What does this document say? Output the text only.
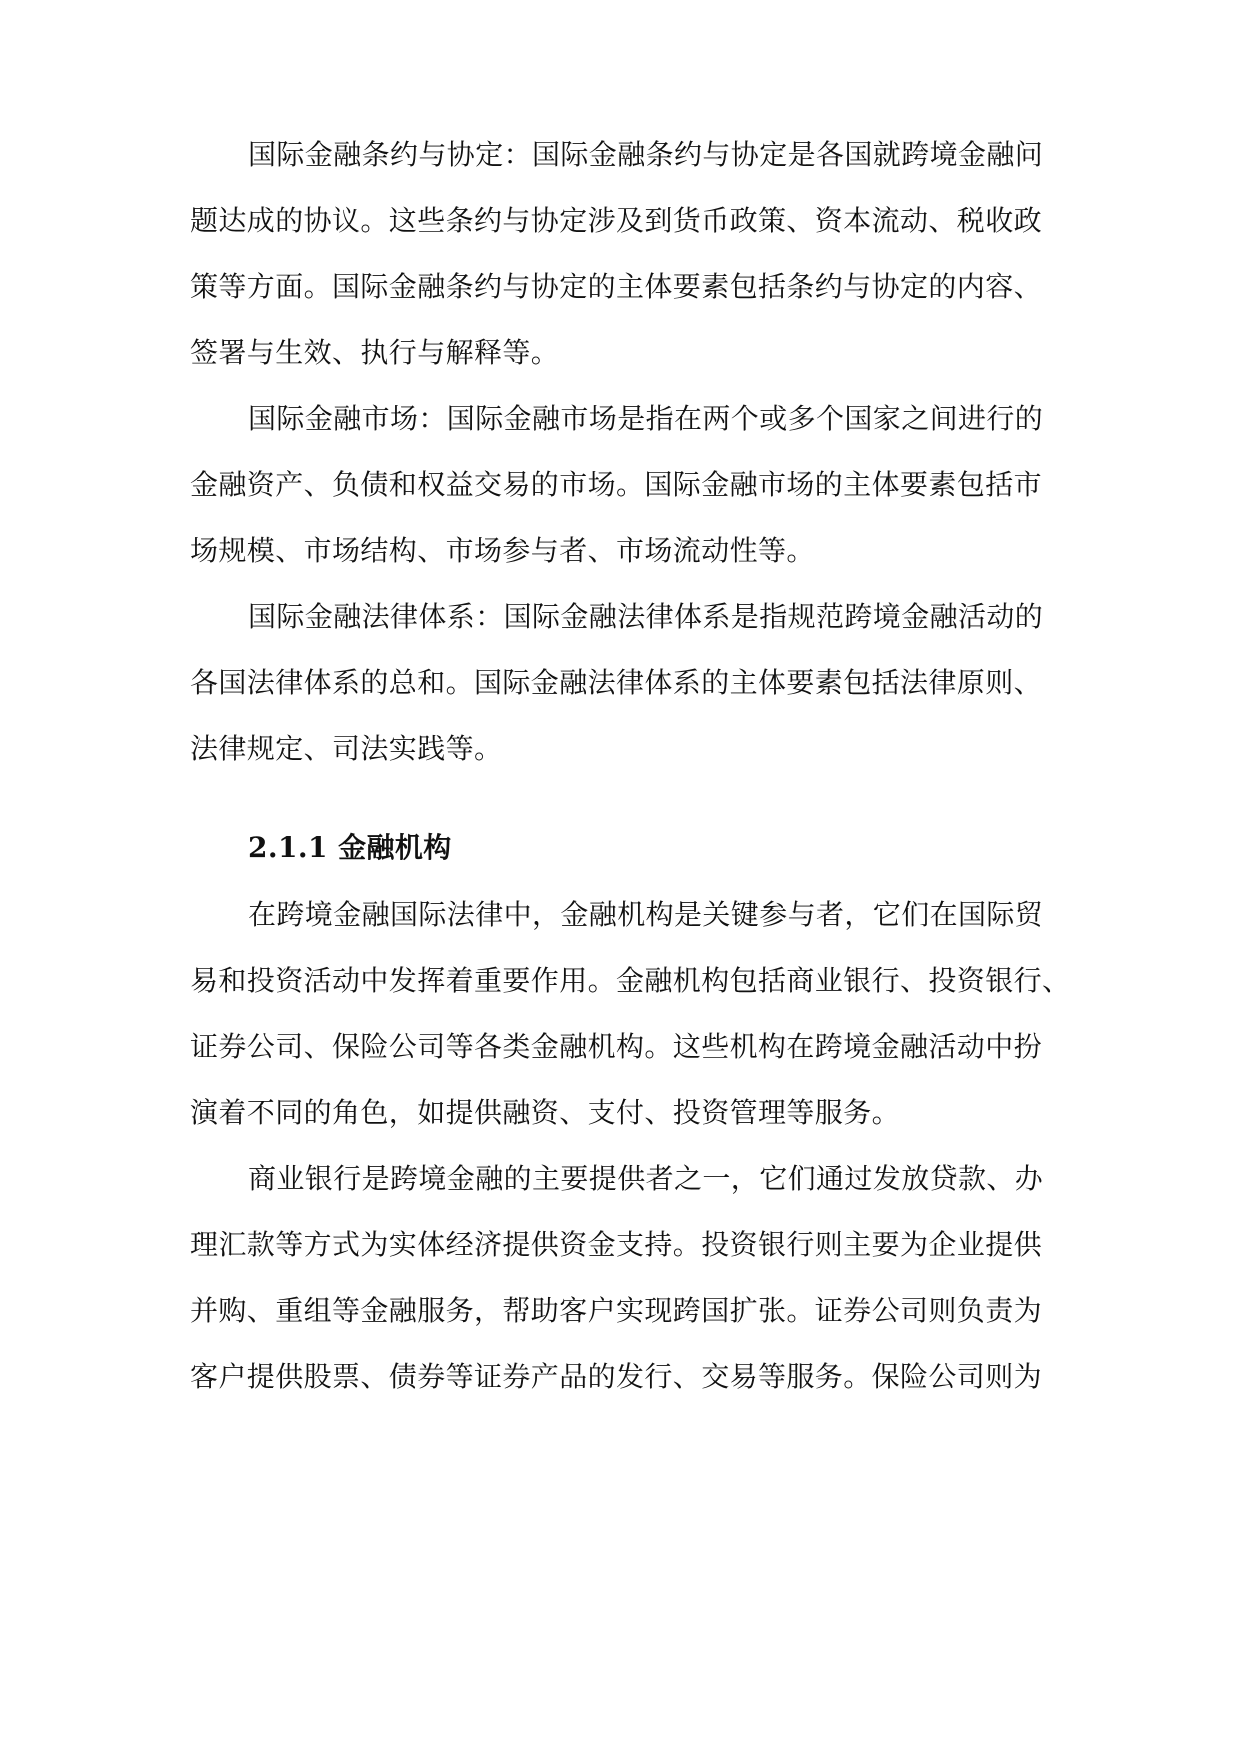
国际金融条约与协定：国际金融条约与协定是各国就跨境金融问
题达成的协议。这些条约与协定涉及到货币政策、资本流动、税收政
策等方面。国际金融条约与协定的主体要素包括条约与协定的内容、
签署与生效、执行与解释等。
国际金融市场：国际金融市场是指在两个或多个国家之间进行的
金融资产、负债和权益交易的市场。国际金融市场的主体要素包括市
场规模、市场结构、市场参与者、市场流动性等。
国际金融法律体系：国际金融法律体系是指规范跨境金融活动的
各国法律体系的总和。国际金融法律体系的主体要素包括法律原则、
法律规定、司法实践等。
2.1.1 金融机构
在跨境金融国际法律中，金融机构是关键参与者，它们在国际贸
易和投资活动中发挥着重要作用。金融机构包括商业银行、投资银行、
证券公司、保险公司等各类金融机构。这些机构在跨境金融活动中扮
演着不同的角色，如提供融资、支付、投资管理等服务。
商业银行是跨境金融的主要提供者之一，它们通过发放贷款、办
理汇款等方式为实体经济提供资金支持。投资银行则主要为企业提供
并购、重组等金融服务，帮助客户实现跨国扩张。证券公司则负责为
客户提供股票、债券等证券产品的发行、交易等服务。保险公司则为
